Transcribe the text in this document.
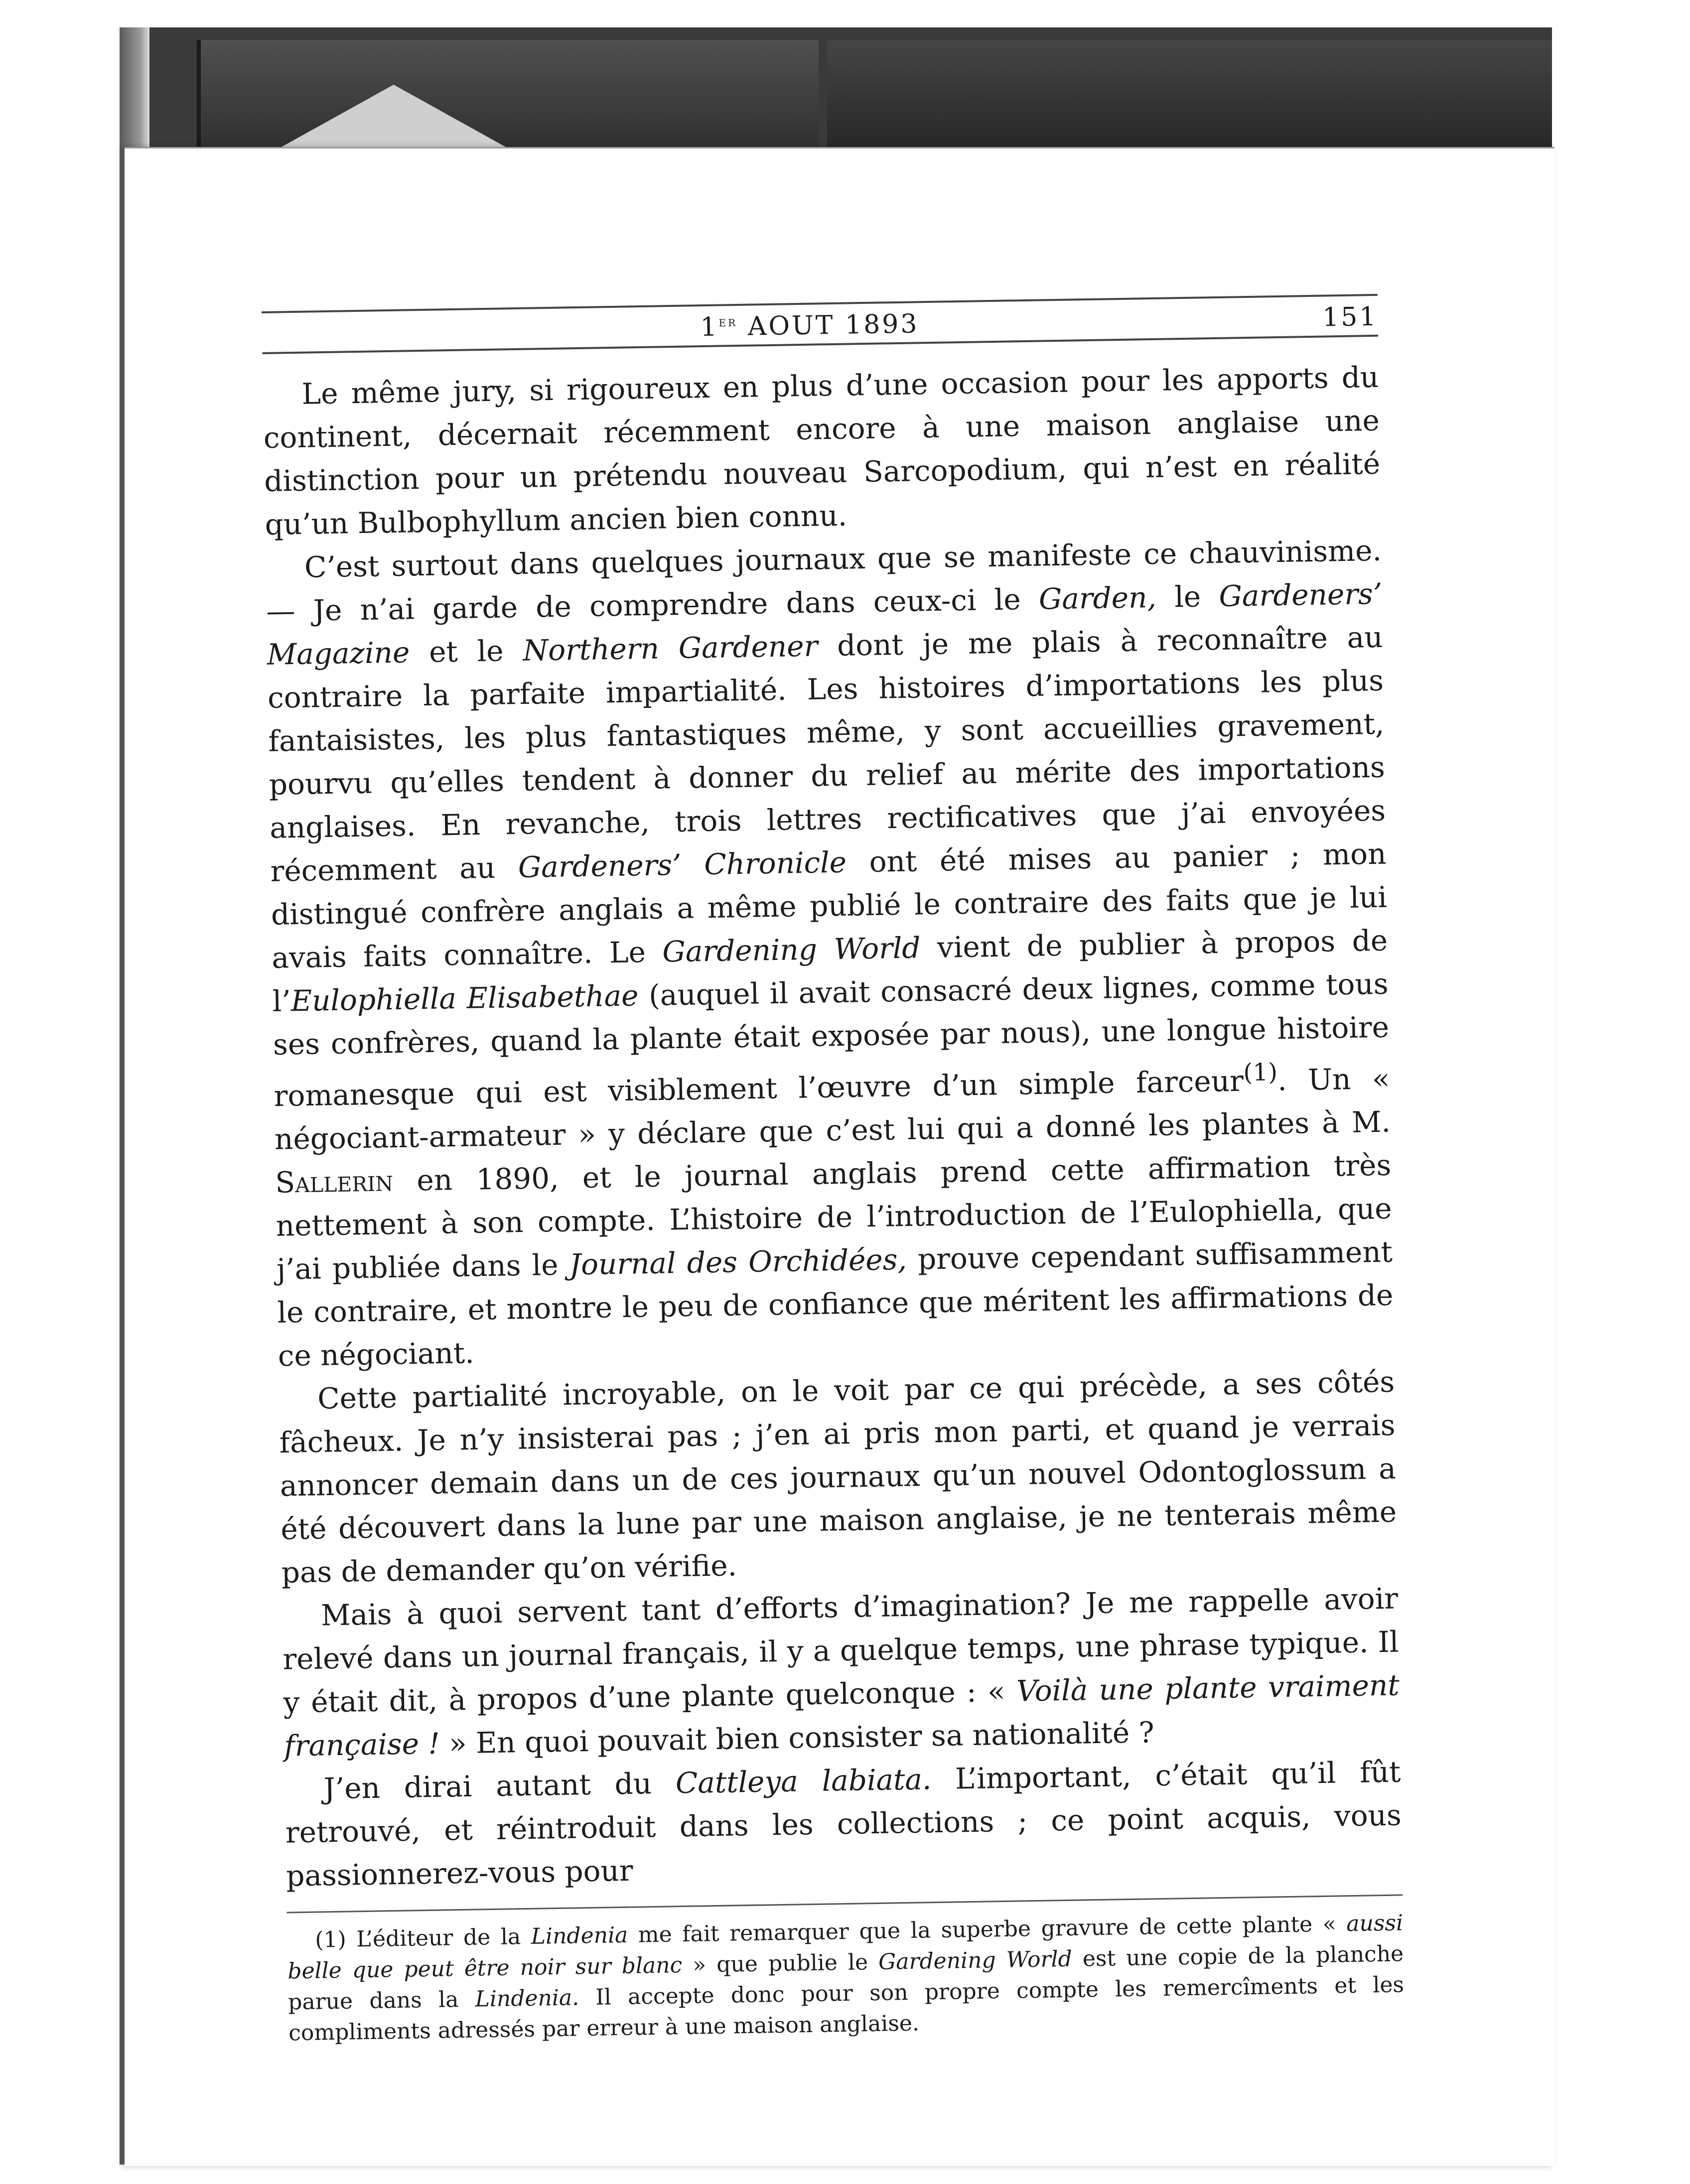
1er AOUT 1893	151

Le même jury, si rigoureux en plus d’une occasion pour les apports du continent, décernait récemment encore à une maison anglaise une distinction pour un prétendu nouveau Sarcopodium, qui n’est en réalité qu’un Bulbophyllum ancien bien connu.

C’est surtout dans quelques journaux que se manifeste ce chauvinisme. — Je n’ai garde de comprendre dans ceux-ci le Garden, le Gardeners’ Magazine et le Northern Gardener dont je me plais à reconnaître au contraire la parfaite impartialité. Les histoires d’importations les plus fantaisistes, les plus fantastiques même, y sont accueillies gravement, pourvu qu’elles tendent à donner du relief au mérite des importations anglaises. En revanche, trois lettres rectificatives que j’ai envoyées récemment au Gardeners’ Chronicle ont été mises au panier ; mon distingué confrère anglais a même publié le contraire des faits que je lui avais faits connaître. Le Gardening World vient de publier à propos de l’Eulophiella Elisabethae (auquel il avait consacré deux lignes, comme tous ses confrères, quand la plante était exposée par nous), une longue histoire romanesque qui est visiblement l’œuvre d’un simple farceur$^{(1)}$. Un « négociant-armateur » y déclare que c’est lui qui a donné les plantes à M. Sallerin en 1890, et le journal anglais prend cette affirmation très nettement à son compte. L’histoire de l’introduction de l’Eulophiella, que j’ai publiée dans le Journal des Orchidées, prouve cependant suffisamment le contraire, et montre le peu de confiance que méritent les affirmations de ce négociant.

Cette partialité incroyable, on le voit par ce qui précède, a ses côtés fâcheux. Je n’y insisterai pas ; j’en ai pris mon parti, et quand je verrais annoncer demain dans un de ces journaux qu’un nouvel Odontoglossum a été découvert dans la lune par une maison anglaise, je ne tenterais même pas de demander qu’on vérifie.

Mais à quoi servent tant d’efforts d’imagination? Je me rappelle avoir relevé dans un journal français, il y a quelque temps, une phrase typique. Il y était dit, à propos d’une plante quelconque : « Voilà une plante vraiment française ! » En quoi pouvait bien consister sa nationalité ?

J’en dirai autant du Cattleya labiata. L’important, c’était qu’il fût retrouvé, et réintroduit dans les collections ; ce point acquis, vous passionnerez-vous pour

(1) L’éditeur de la Lindenia me fait remarquer que la superbe gravure de cette plante « aussi belle que peut être noir sur blanc » que publie le Gardening World est une copie de la planche parue dans la Lindenia. Il accepte donc pour son propre compte les remercîments et les compliments adressés par erreur à une maison anglaise.
